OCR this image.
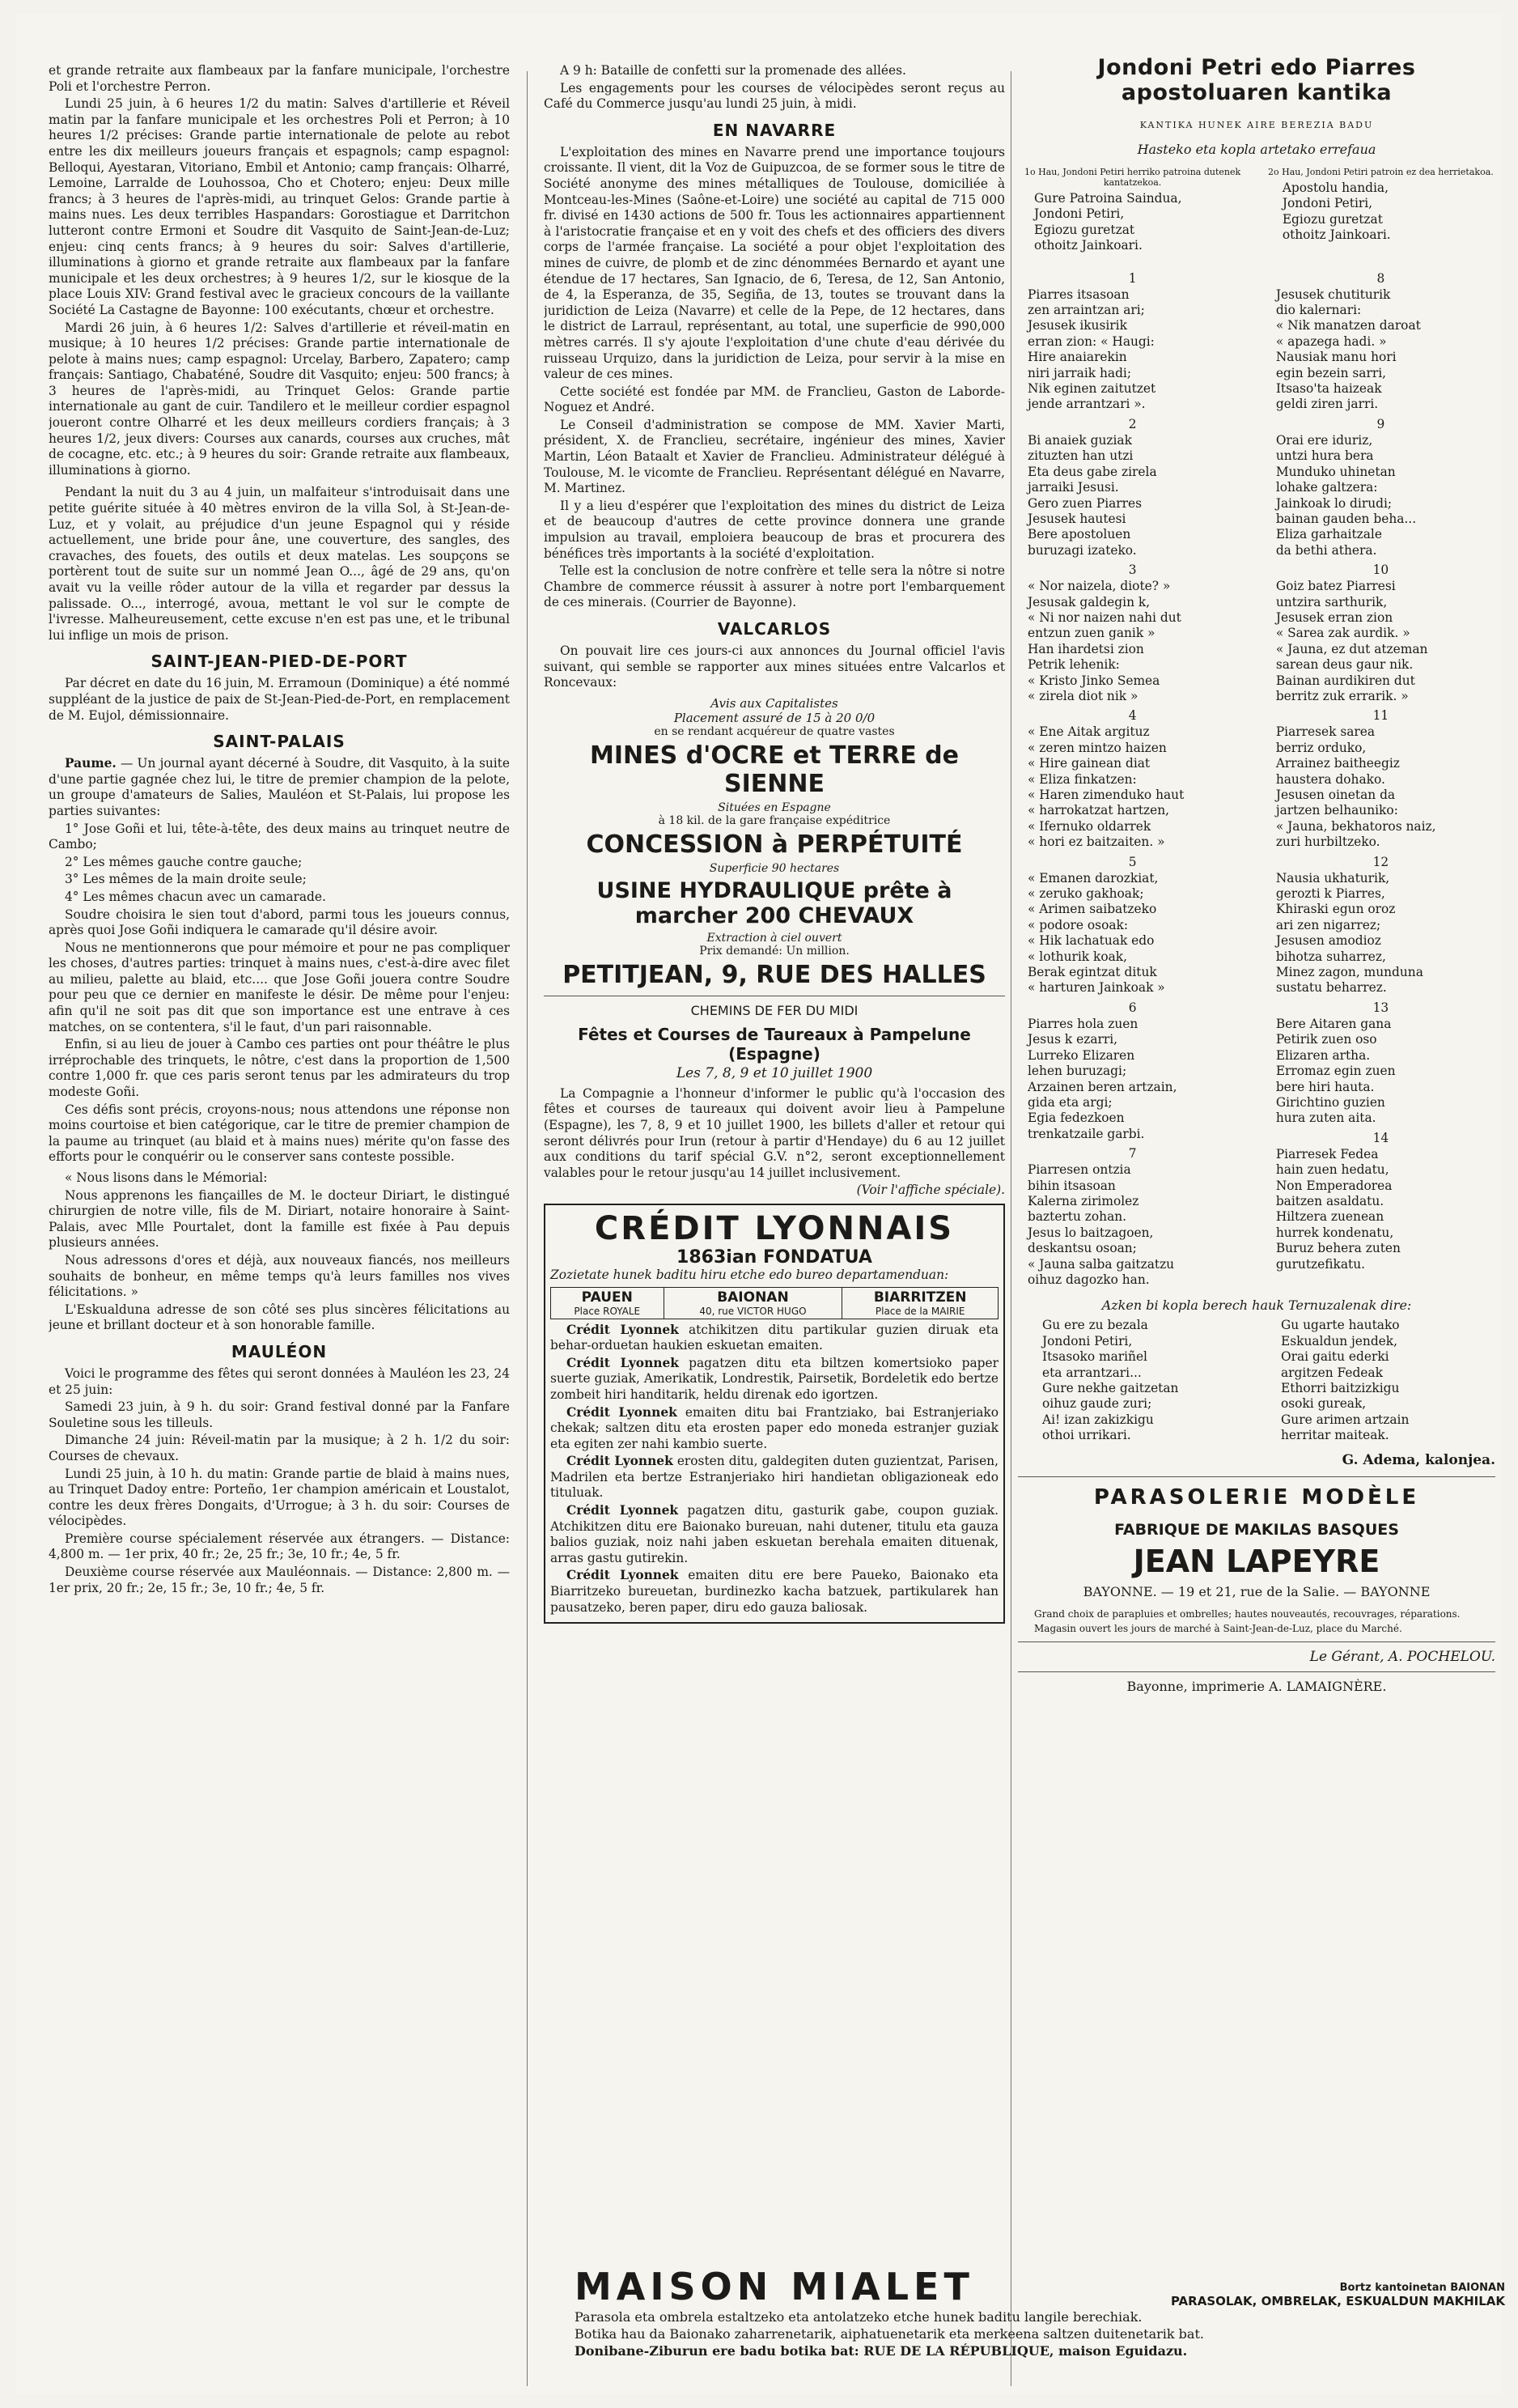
et grande retraite aux flambeaux par la fanfare municipale, l'orchestre Poli et l'orchestre Perron.

Lundi 25 juin, à 6 heures 1/2 du matin: Salves d'artillerie et Réveil matin par la fanfare municipale et les orchestres Poli et Perron; à 10 heures 1/2 précises: Grande partie internationale de pelote au rebot entre les dix meilleurs joueurs français et espagnols; camp espagnol: Belloqui, Ayestaran, Vitoriano, Embil et Antonio; camp français: Olharré, Lemoine, Larralde de Louhossoa, Cho et Chotero; enjeu: Deux mille francs; à 3 heures de l'après-midi, au trinquet Gelos: Grande partie à mains nues. Les deux terribles Haspandars: Gorostiague et Darritchon lutteront contre Ermoni et Soudre dit Vasquito de Saint-Jean-de-Luz; enjeu: cinq cents francs; à 9 heures du soir: Salves d'artillerie, illuminations à giorno et grande retraite aux flambeaux par la fanfare municipale et les deux orchestres; à 9 heures 1/2, sur le kiosque de la place Louis XIV: Grand festival avec le gracieux concours de la vaillante Société La Castagne de Bayonne: 100 exécutants, chœur et orchestre.

Mardi 26 juin, à 6 heures 1/2: Salves d'artillerie et réveil-matin en musique; à 10 heures 1/2 précises: Grande partie internationale de pelote à mains nues; camp espagnol: Urcelay, Barbero, Zapatero; camp français: Santiago, Chabaténé, Soudre dit Vasquito; enjeu: 500 francs; à 3 heures de l'après-midi, au Trinquet Gelos: Grande partie internationale au gant de cuir. Tandilero et le meilleur cordier espagnol joueront contre Olharré et les deux meilleurs cordiers français; à 3 heures 1/2, jeux divers: Courses aux canards, courses aux cruches, mât de cocagne, etc. etc.; à 9 heures du soir: Grande retraite aux flambeaux, illuminations à giorno.

Pendant la nuit du 3 au 4 juin, un malfaiteur s'introduisait dans une petite guérite située à 40 mètres environ de la villa Sol, à St-Jean-de-Luz, et y volait, au préjudice d'un jeune Espagnol qui y réside actuellement, une bride pour âne, une couverture, des sangles, des cravaches, des fouets, des outils et deux matelas. Les soupçons se portèrent tout de suite sur un nommé Jean O..., âgé de 29 ans, qu'on avait vu la veille rôder autour de la villa et regarder par dessus la palissade. O..., interrogé, avoua, mettant le vol sur le compte de l'ivresse. Malheureusement, cette excuse n'en est pas une, et le tribunal lui inflige un mois de prison.

SAINT-JEAN-PIED-DE-PORT

Par décret en date du 16 juin, M. Erramoun (Dominique) a été nommé suppléant de la justice de paix de St-Jean-Pied-de-Port, en remplacement de M. Eujol, démissionnaire.

SAINT-PALAIS

Paume. — Un journal ayant décerné à Soudre, dit Vasquito, à la suite d'une partie gagnée chez lui, le titre de premier champion de la pelote, un groupe d'amateurs de Salies, Mauléon et St-Palais, lui propose les parties suivantes:

1° Jose Goñi et lui, tête-à-tête, des deux mains au trinquet neutre de Cambo;

2° Les mêmes gauche contre gauche;

3° Les mêmes de la main droite seule;

4° Les mêmes chacun avec un camarade.

Soudre choisira le sien tout d'abord, parmi tous les joueurs connus, après quoi Jose Goñi indiquera le camarade qu'il désire avoir.

Nous ne mentionnerons que pour mémoire et pour ne pas compliquer les choses, d'autres parties: trinquet à mains nues, c'est-à-dire avec filet au milieu, palette au blaid, etc.... que Jose Goñi jouera contre Soudre pour peu que ce dernier en manifeste le désir. De même pour l'enjeu: afin qu'il ne soit pas dit que son importance est une entrave à ces matches, on se contentera, s'il le faut, d'un pari raisonnable.

Enfin, si au lieu de jouer à Cambo ces parties ont pour théâtre le plus irréprochable des trinquets, le nôtre, c'est dans la proportion de 1,500 contre 1,000 fr. que ces paris seront tenus par les admirateurs du trop modeste Goñi.

Ces défis sont précis, croyons-nous; nous attendons une réponse non moins courtoise et bien catégorique, car le titre de premier champion de la paume au trinquet (au blaid et à mains nues) mérite qu'on fasse des efforts pour le conquérir ou le conserver sans conteste possible.

« Nous lisons dans le Mémorial:

Nous apprenons les fiançailles de M. le docteur Diriart, le distingué chirurgien de notre ville, fils de M. Diriart, notaire honoraire à Saint-Palais, avec Mlle Pourtalet, dont la famille est fixée à Pau depuis plusieurs années.

Nous adressons d'ores et déjà, aux nouveaux fiancés, nos meilleurs souhaits de bonheur, en même temps qu'à leurs familles nos vives félicitations. »

L'Eskualduna adresse de son côté ses plus sincères félicitations au jeune et brillant docteur et à son honorable famille.

MAULÉON

Voici le programme des fêtes qui seront données à Mauléon les 23, 24 et 25 juin:

Samedi 23 juin, à 9 h. du soir: Grand festival donné par la Fanfare Souletine sous les tilleuls.

Dimanche 24 juin: Réveil-matin par la musique; à 2 h. 1/2 du soir: Courses de chevaux.

Lundi 25 juin, à 10 h. du matin: Grande partie de blaid à mains nues, au Trinquet Dadoy entre: Porteño, 1er champion américain et Loustalot, contre les deux frères Dongaits, d'Urrogue; à 3 h. du soir: Courses de vélocipèdes.

Première course spécialement réservée aux étrangers. — Distance: 4,800 m. — 1er prix, 40 fr.; 2e, 25 fr.; 3e, 10 fr.; 4e, 5 fr.

Deuxième course réservée aux Mauléonnais. — Distance: 2,800 m. — 1er prix, 20 fr.; 2e, 15 fr.; 3e, 10 fr.; 4e, 5 fr.

A 9 h: Bataille de confetti sur la promenade des allées.

Les engagements pour les courses de vélocipèdes seront reçus au Café du Commerce jusqu'au lundi 25 juin, à midi.

EN NAVARRE

L'exploitation des mines en Navarre prend une importance toujours croissante. Il vient, dit la Voz de Guipuzcoa, de se former sous le titre de Société anonyme des mines métalliques de Toulouse, domiciliée à Montceau-les-Mines (Saône-et-Loire) une société au capital de 715 000 fr. divisé en 1430 actions de 500 fr. Tous les actionnaires appartiennent à l'aristocratie française et en y voit des chefs et des officiers des divers corps de l'armée française. La société a pour objet l'exploitation des mines de cuivre, de plomb et de zinc dénommées Bernardo et ayant une étendue de 17 hectares, San Ignacio, de 6, Teresa, de 12, San Antonio, de 4, la Esperanza, de 35, Segiña, de 13, toutes se trouvant dans la juridiction de Leiza (Navarre) et celle de la Pepe, de 12 hectares, dans le district de Larraul, représentant, au total, une superficie de 990,000 mètres carrés. Il s'y ajoute l'exploitation d'une chute d'eau dérivée du ruisseau Urquizo, dans la juridiction de Leiza, pour servir à la mise en valeur de ces mines.

Cette société est fondée par MM. de Franclieu, Gaston de Laborde-Noguez et André.

Le Conseil d'administration se compose de MM. Xavier Marti, président, X. de Franclieu, secrétaire, ingénieur des mines, Xavier Martin, Léon Bataalt et Xavier de Franclieu. Administrateur délégué à Toulouse, M. le vicomte de Franclieu. Représentant délégué en Navarre, M. Martinez.

Il y a lieu d'espérer que l'exploitation des mines du district de Leiza et de beaucoup d'autres de cette province donnera une grande impulsion au travail, emploiera beaucoup de bras et procurera des bénéfices très importants à la société d'exploitation.

Telle est la conclusion de notre confrère et telle sera la nôtre si notre Chambre de commerce réussit à assurer à notre port l'embarquement de ces minerais. (Courrier de Bayonne).

VALCARLOS

On pouvait lire ces jours-ci aux annonces du Journal officiel l'avis suivant, qui semble se rapporter aux mines situées entre Valcarlos et Roncevaux:

Avis aux Capitalistes
Placement assuré de 15 à 20 0/0
en se rendant acquéreur de quatre vastes
MINES d'OCRE et TERRE de SIENNE
Situées en Espagne
à 18 kil. de la gare française expéditrice
CONCESSION à PERPÉTUITÉ
Superficie 90 hectares
USINE HYDRAULIQUE prête à marcher 200 CHEVAUX
Extraction à ciel ouvert
Prix demandé: Un million.
PETITJEAN, 9, RUE DES HALLES
CHEMINS DE FER DU MIDI
Fêtes et Courses de Taureaux à Pampelune (Espagne)
Les 7, 8, 9 et 10 juillet 1900

La Compagnie a l'honneur d'informer le public qu'à l'occasion des fêtes et courses de taureaux qui doivent avoir lieu à Pampelune (Espagne), les 7, 8, 9 et 10 juillet 1900, les billets d'aller et retour qui seront délivrés pour Irun (retour à partir d'Hendaye) du 6 au 12 juillet aux conditions du tarif spécial G.V. n°2, seront exceptionnellement valables pour le retour jusqu'au 14 juillet inclusivement.

(Voir l'affiche spéciale).

CRÉDIT LYONNAIS
1863ian FONDATUA

Zozietate hunek baditu hiru etche edo bureo departamenduan:

PAUEN
Place ROYALE

BAIONAN
40, rue VICTOR HUGO

BIARRITZEN
Place de la MAIRIE

Crédit Lyonnek atchikitzen ditu partikular guzien diruak eta behar-orduetan haukien eskuetan emaiten.

Crédit Lyonnek pagatzen ditu eta biltzen komertsioko paper suerte guziak, Amerikatik, Londrestik, Pairsetik, Bordeletik edo bertze zombeit hiri handitarik, heldu direnak edo igortzen.

Crédit Lyonnek emaiten ditu bai Frantziako, bai Estranjeriako chekak; saltzen ditu eta erosten paper edo moneda estranjer guziak eta egiten zer nahi kambio suerte.

Crédit Lyonnek erosten ditu, galdegiten duten guzientzat, Parisen, Madrilen eta bertze Estranjeriako hiri handietan obligazioneak edo tituluak.

Crédit Lyonnek pagatzen ditu, gasturik gabe, coupon guziak. Atchikitzen ditu ere Baionako bureuan, nahi dutener, titulu eta gauza balios guziak, noiz nahi jaben eskuetan berehala emaiten dituenak, arras gastu gutirekin.

Crédit Lyonnek emaiten ditu ere bere Paueko, Baionako eta Biarritzeko bureuetan, burdinezko kacha batzuek, partikularek han pausatzeko, beren paper, diru edo gauza baliosak.

Jondoni Petri edo Piarres apostoluaren kantika
KANTIKA HUNEK AIRE BEREZIA BADU
Hasteko eta kopla artetako errefaua
1o Hau, Jondoni Petiri herriko patroina dutenek kantatzekoa.
Gure Patroina Saindua,
Jondoni Petiri,
Egiozu guretzat
othoitz Jainkoari.
2o Hau, Jondoni Petiri patroin ez dea herrietakoa.
Apostolu handia,
Jondoni Petiri,
Egiozu guretzat
othoitz Jainkoari.
1
Piarres itsasoan
zen arraintzan ari;
Jesusek ikusirik
erran zion: « Haugi:
Hire anaiarekin
niri jarraik hadi;
Nik eginen zaitutzet
jende arrantzari ».
2
Bi anaiek guziak
zituzten han utzi
Eta deus gabe zirela
jarraiki Jesusi.
Gero zuen Piarres
Jesusek hautesi
Bere apostoluen
buruzagi izateko.
3
« Nor naizela, diote? »
Jesusak galdegin k,
« Ni nor naizen nahi dut
entzun zuen ganik »
Han ihardetsi zion
Petrik lehenik:
« Kristo Jinko Semea
« zirela diot nik »
4
« Ene Aitak argituz
« zeren mintzo haizen
« Hire gainean diat
« Eliza finkatzen:
« Haren zimenduko haut
« harrokatzat hartzen,
« Ifernuko oldarrek
« hori ez baitzaiten. »
5
« Emanen darozkiat,
« zeruko gakhoak;
« Arimen saibatzeko
« podore osoak:
« Hik lachatuak edo
« lothurik koak,
Berak egintzat dituk
« harturen Jainkoak »
6
Piarres hola zuen
Jesus k ezarri,
Lurreko Elizaren
lehen buruzagi;
Arzainen beren artzain,
gida eta argi;
Egia fedezkoen
trenkatzaile garbi.
7
Piarresen ontzia
bihin itsasoan
Kalerna zirimolez
baztertu zohan.
Jesus lo baitzagoen,
deskantsu osoan;
« Jauna salba gaitzatzu
oihuz dagozko han.
8
Jesusek chutiturik
dio kalernari:
« Nik manatzen daroat
« apazega hadi. »
Nausiak manu hori
egin bezein sarri,
Itsaso'ta haizeak
geldi ziren jarri.
9
Orai ere iduriz,
untzi hura bera
Munduko uhinetan
lohake galtzera:
Jainkoak lo dirudi;
bainan gauden beha...
Eliza garhaitzale
da bethi athera.
10
Goiz batez Piarresi
untzira sarthurik,
Jesusek erran zion
« Sarea zak aurdik. »
« Jauna, ez dut atzeman
sarean deus gaur nik.
Bainan aurdikiren dut
berritz zuk errarik. »
11
Piarresek sarea
berriz orduko,
Arrainez baitheegiz
haustera dohako.
Jesusen oinetan da
jartzen belhauniko:
« Jauna, bekhatoros naiz,
zuri hurbiltzeko.
12
Nausia ukhaturik,
gerozti k Piarres,
Khiraski egun oroz
ari zen nigarrez;
Jesusen amodioz
bihotza suharrez,
Minez zagon, munduna
sustatu beharrez.
13
Bere Aitaren gana
Petirik zuen oso
Elizaren artha.
Erromaz egin zuen
bere hiri hauta.
Girichtino guzien
hura zuten aita.
14
Piarresek Fedea
hain zuen hedatu,
Non Emperadorea
baitzen asaldatu.
Hiltzera zuenean
hurrek kondenatu,
Buruz behera zuten
gurutzefikatu.
Azken bi kopla berech hauk Ternuzalenak dire:
Gu ere zu bezala
Jondoni Petiri,
Itsasoko mariñel
eta arrantzari...
Gure nekhe gaitzetan
oihuz gaude zuri;
Ai! izan zakizkigu
othoi urrikari.
Gu ugarte hautako
Eskualdun jendek,
Orai gaitu ederki
argitzen Fedeak
Ethorri baitzizkigu
osoki gureak,
Gure arimen artzain
herritar maiteak.
G. Adema, kalonjea.
PARASOLERIE MODÈLE
FABRIQUE DE MAKILAS BASQUES
JEAN LAPEYRE
BAYONNE. — 19 et 21, rue de la Salie. — BAYONNE

Grand choix de parapluies et ombrelles; hautes nouveautés, recouvrages, réparations.

Magasin ouvert les jours de marché à Saint-Jean-de-Luz, place du Marché.

Le Gérant, A. POCHELOU.
Bayonne, imprimerie A. LAMAIGNÈRE.
MAISON MIALET	Bortz kantoinetan BAIONAN
PARASOLAK, OMBRELAK, ESKUALDUN MAKHILAK
Parasola eta ombrela estaltzeko eta antolatzeko etche hunek baditu langile berechiak.
Botika hau da Baionako zaharrenetarik, aiphatuenetarik eta merkeena saltzen duitenetarik bat.
Donibane-Ziburun ere badu botika bat: RUE DE LA RÉPUBLIQUE, maison Eguidazu.
